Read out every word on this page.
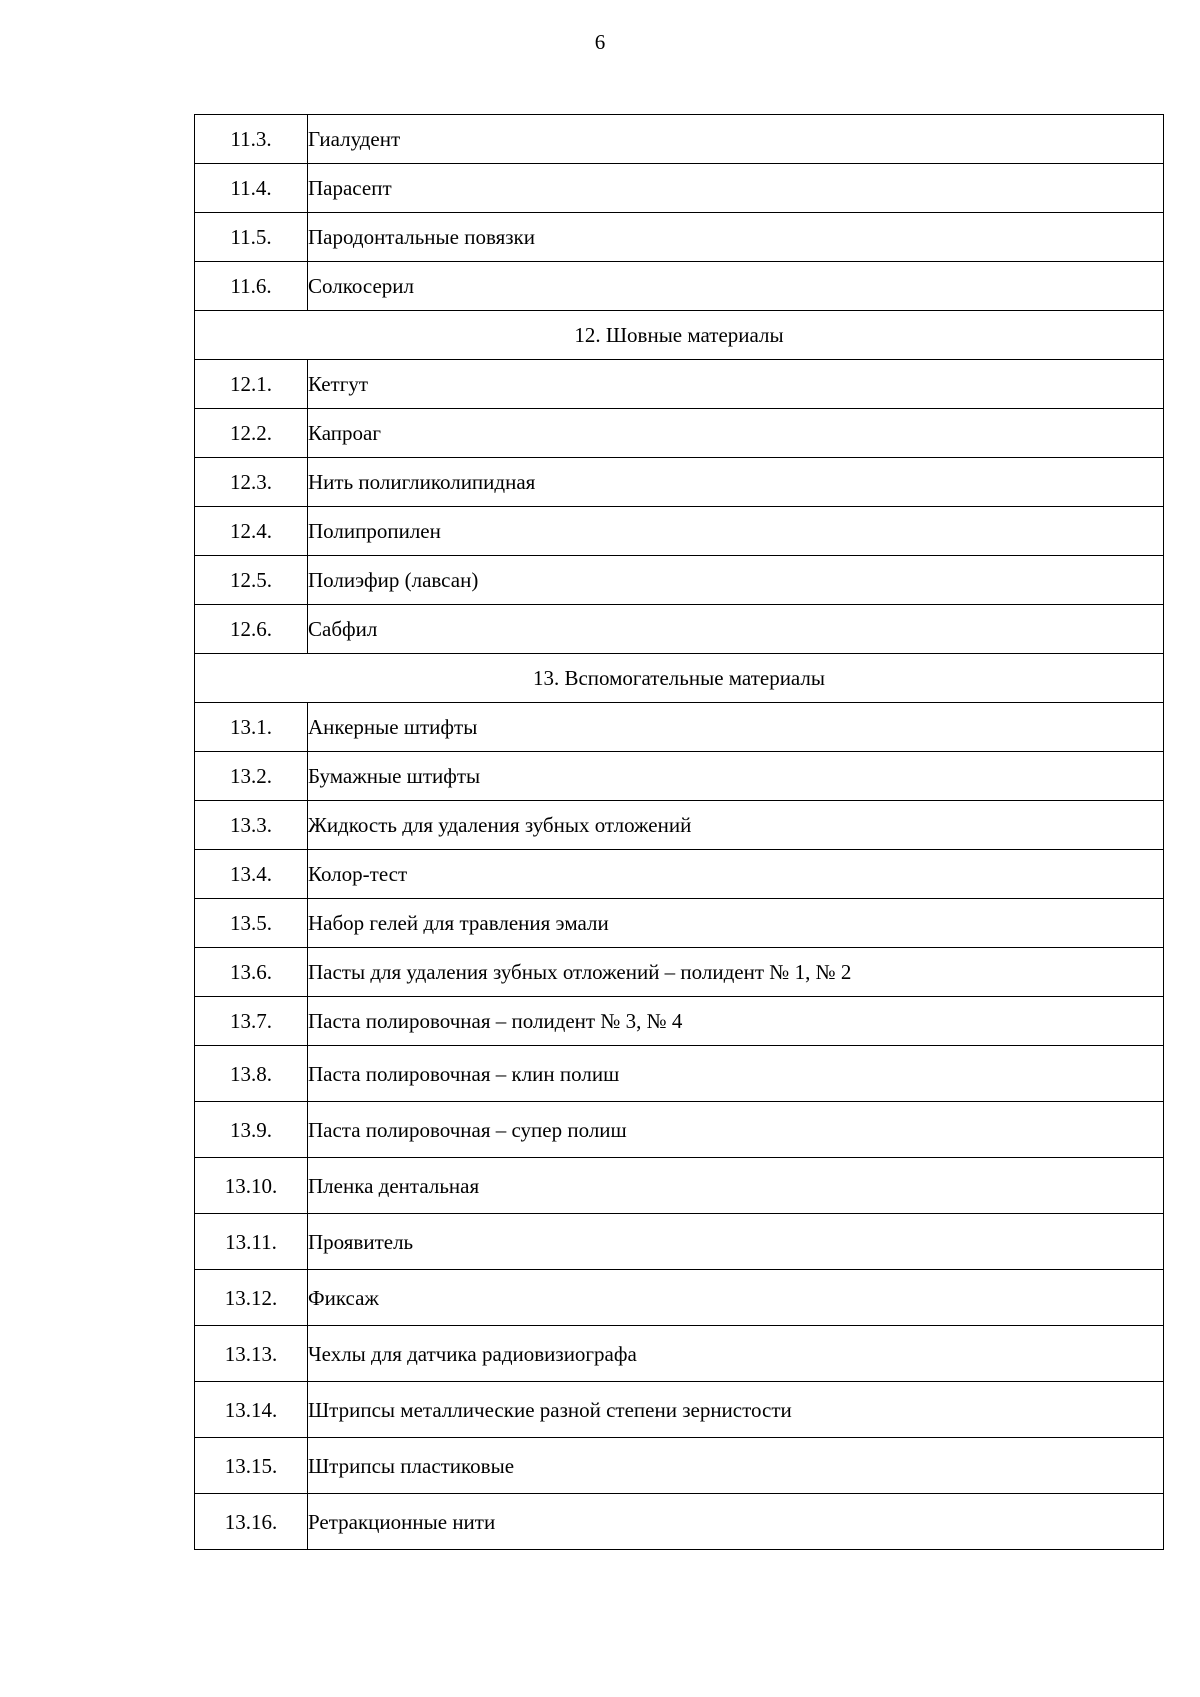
6
11.3.	Гиалудент
11.4.	Парасепт
11.5.	Пародонтальные повязки
11.6.	Солкосерил
12. Шовные материалы	
12.1.	Кетгут
12.2.	Капроаг
12.3.	Нить полигликолипидная
12.4.	Полипропилен
12.5.	Полиэфир (лавсан)
12.6.	Сабфил
13. Вспомогательные материалы	
13.1.	Анкерные штифты
13.2.	Бумажные штифты
13.3.	Жидкость для удаления зубных отложений
13.4.	Колор-тест
13.5.	Набор гелей для травления эмали
13.6.	Пасты для удаления зубных отложений – полидент № 1, № 2
13.7.	Паста полировочная – полидент № 3, № 4
13.8.	Паста полировочная – клин полиш
13.9.	Паста полировочная – супер полиш
13.10.	Пленка дентальная
13.11.	Проявитель
13.12.	Фиксаж
13.13.	Чехлы для датчика радиовизиографа
13.14.	Штрипсы металлические разной степени зернистости
13.15.	Штрипсы пластиковые
13.16.	Ретракционные нити
